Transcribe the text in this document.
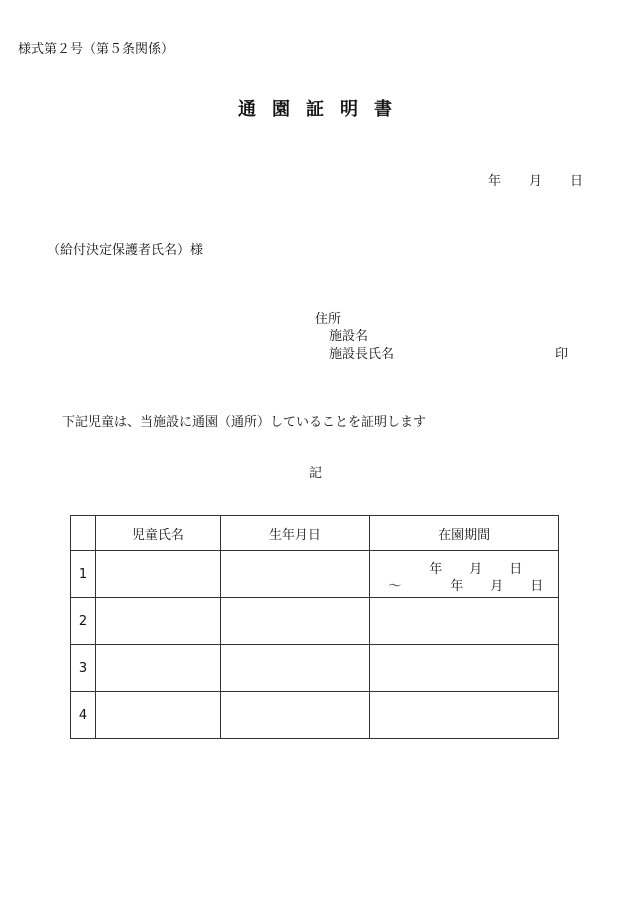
様式第２号（第５条関係）
通園証明書
年 月 日
（給付決定保護者氏名）様
住所
施設名
施設長氏名	印
下記児童は、当施設に通園（通所）していることを証明します
記
	児童氏名	生年月日	在園期間
1			年 月 日
～ 年 月 日

2			
3			
4			
